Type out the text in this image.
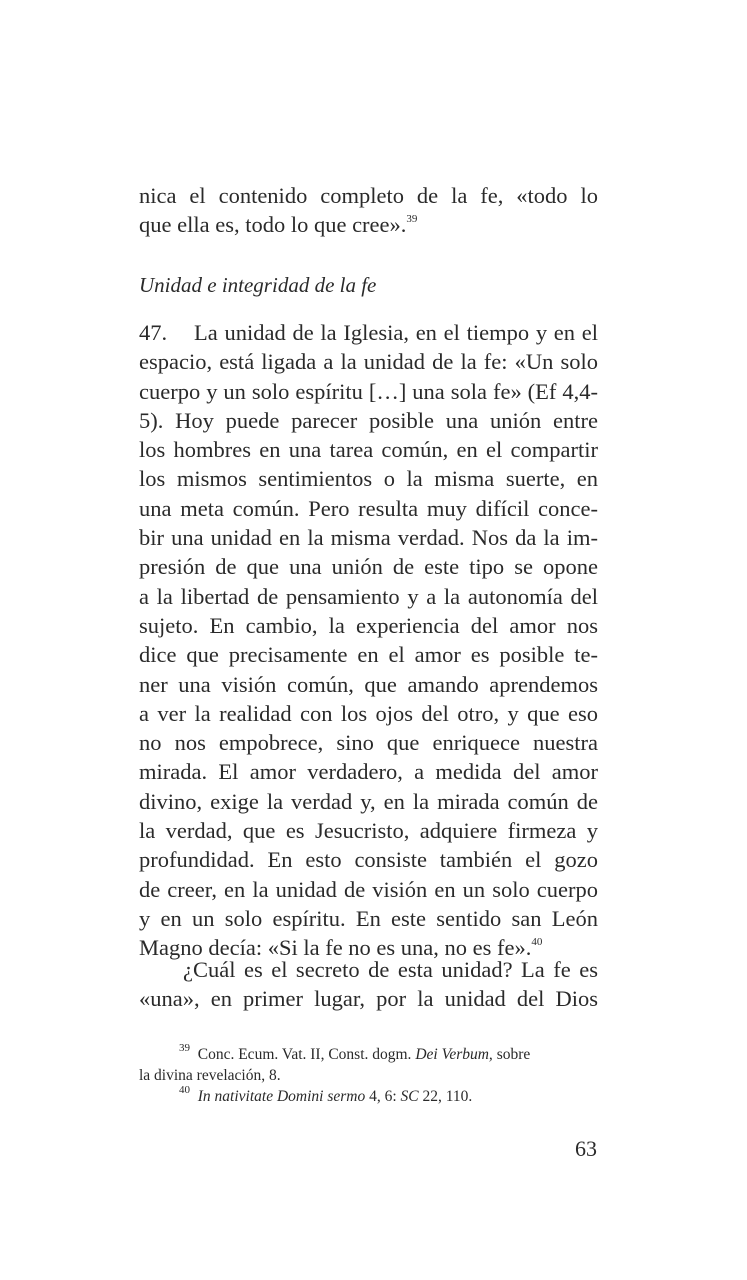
nica el contenido completo de la fe, «todo lo
que ella es, todo lo que cree».$^{39}$
Unidad e integridad de la fe
47. La unidad de la Iglesia, en el tiempo y en el
espacio, está ligada a la unidad de la fe: «Un solo
cuerpo y un solo espíritu […] una sola fe» (Ef 4,4-
5). Hoy puede parecer posible una unión entre
los hombres en una tarea común, en el compartir
los mismos sentimientos o la misma suerte, en
una meta común. Pero resulta muy difícil conce-
bir una unidad en la misma verdad. Nos da la im-
presión de que una unión de este tipo se opone
a la libertad de pensamiento y a la autonomía del
sujeto. En cambio, la experiencia del amor nos
dice que precisamente en el amor es posible te-
ner una visión común, que amando aprendemos
a ver la realidad con los ojos del otro, y que eso
no nos empobrece, sino que enriquece nuestra
mirada. El amor verdadero, a medida del amor
divino, exige la verdad y, en la mirada común de
la verdad, que es Jesucristo, adquiere firmeza y
profundidad. En esto consiste también el gozo
de creer, en la unidad de visión en un solo cuerpo
y en un solo espíritu. En este sentido san León
Magno decía: «Si la fe no es una, no es fe».$^{40}$
¿Cuál es el secreto de esta unidad? La fe es
«una», en primer lugar, por la unidad del Dios
$^{39}$ Conc. Ecum. Vat. II, Const. dogm. Dei Verbum, sobre
la divina revelación, 8.
$^{40}$ In nativitate Domini sermo 4, 6: SC 22, 110.
63
